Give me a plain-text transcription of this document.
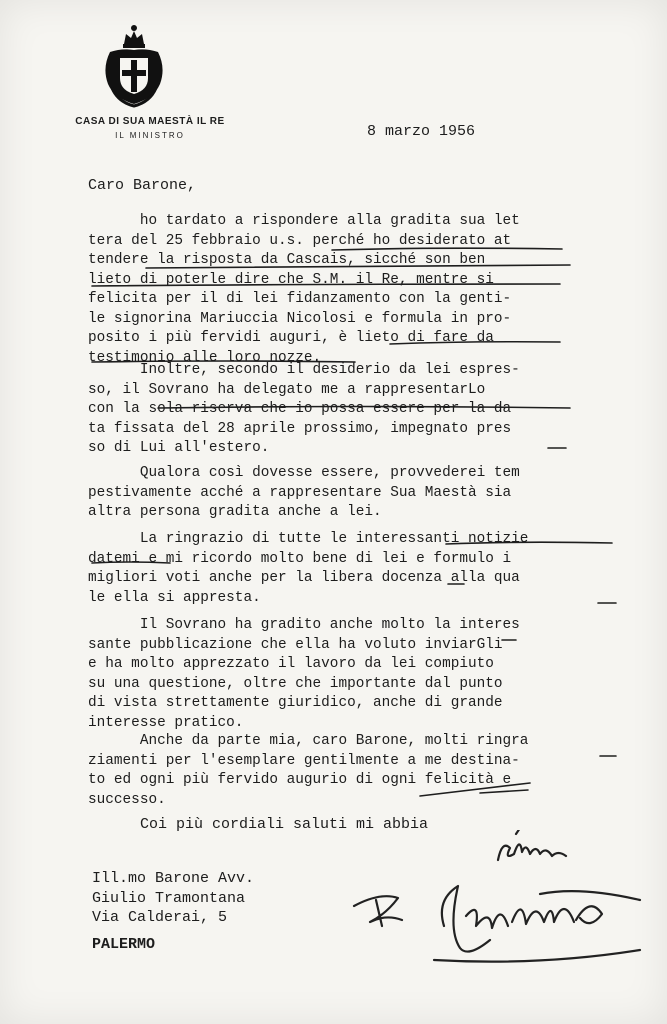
CASA DI SUA MAESTÀ IL RE
IL MINISTRO	8 marzo 1956
Caro Barone,
ho tardato a rispondere alla gradita sua let
tera del 25 febbraio u.s. perché ho desiderato at
tendere la risposta da Cascais, sicché son ben
lieto di poterle dire che S.M. il Re, mentre si
felicita per il di lei fidanzamento con la genti-
le signorina Mariuccia Nicolosi e formula in pro-
posito i più fervidi auguri, è lieto di fare da
testimonio alle loro nozze.
Inoltre, secondo il desiderio da lei espres-
so, il Sovrano ha delegato me a rappresentarLo
con la sola riserva che io possa essere per la da
ta fissata del 28 aprile prossimo, impegnato pres
so di Lui all'estero.
Qualora così dovesse essere, provvederei tem
pestivamente acché a rappresentare Sua Maestà sia
altra persona gradita anche a lei.
La ringrazio di tutte le interessanti notizie
datemi e mi ricordo molto bene di lei e formulo i
migliori voti anche per la libera docenza alla qua
le ella si appresta.
Il Sovrano ha gradito anche molto la interes
sante pubblicazione che ella ha voluto inviarGli
e ha molto apprezzato il lavoro da lei compiuto
su una questione, oltre che importante dal punto
di vista strettamente giuridico, anche di grande
interesse pratico.
Anche da parte mia, caro Barone, molti ringra
ziamenti per l'esemplare gentilmente a me destina-
to ed ogni più fervido augurio di ogni felicità e
successo.
Coi più cordiali saluti mi abbia
Ill.mo Barone Avv.
Giulio Tramontana
Via Calderai, 5
PALERMO
